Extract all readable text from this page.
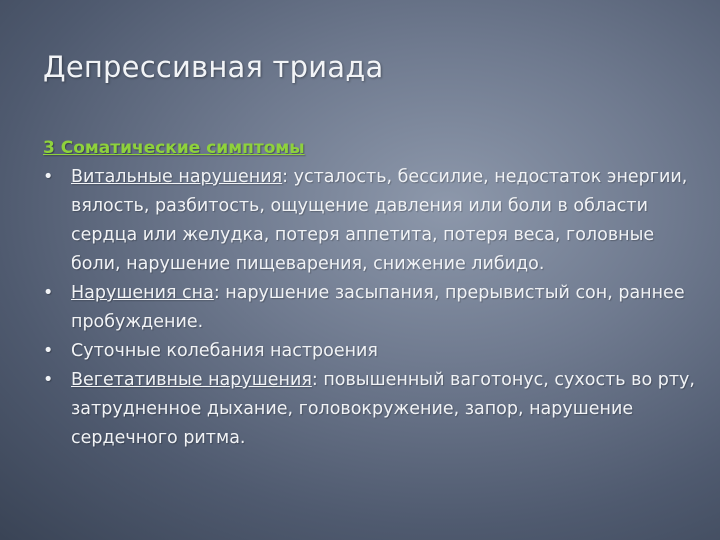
Депрессивная триада
3 Соматические симптомы
• Витальные нарушения: усталость, бессилие, недостаток энергии, вялость, разбитость, ощущение давления или боли в области сердца или желудка, потеря аппетита, потеря веса, головные боли, нарушение пищеварения, снижение либидо.
• Нарушения сна: нарушение засыпания, прерывистый сон, раннее пробуждение.
• Суточные колебания настроения
• Вегетативные нарушения: повышенный ваготонус, сухость во рту, затрудненное дыхание, головокружение, запор, нарушение сердечного ритма.
